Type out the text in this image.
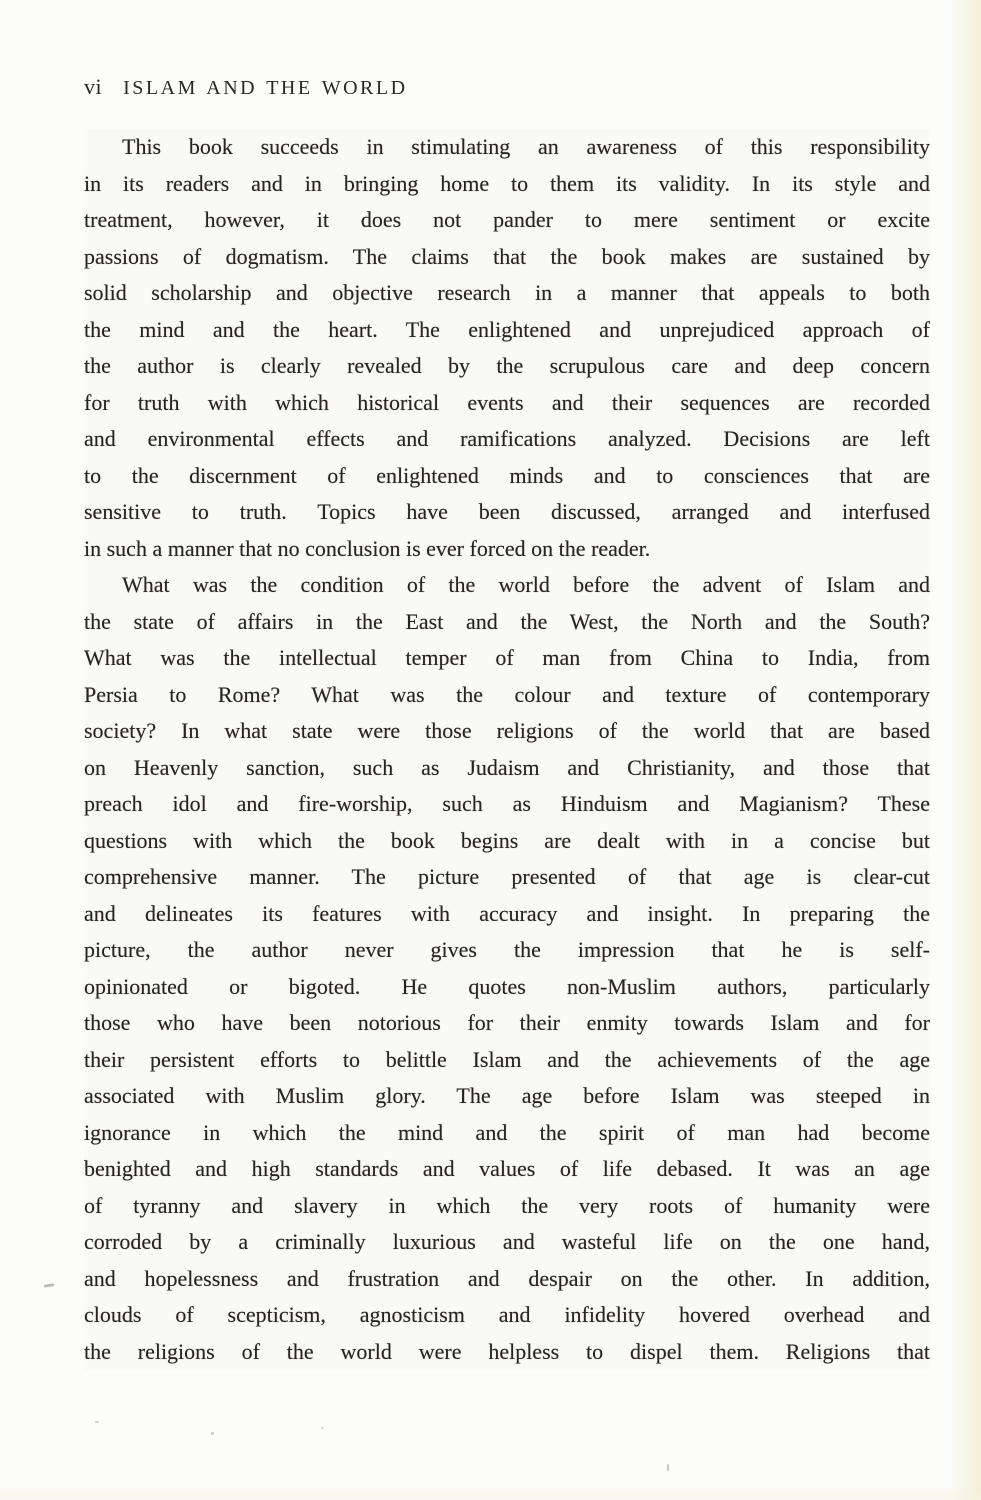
vi ISLAM AND THE WORLD
This book succeeds in stimulating an awareness of this responsibility
in its readers and in bringing home to them its validity. In its style and
treatment, however, it does not pander to mere sentiment or excite
passions of dogmatism. The claims that the book makes are sustained by
solid scholarship and objective research in a manner that appeals to both
the mind and the heart. The enlightened and unprejudiced approach of
the author is clearly revealed by the scrupulous care and deep concern
for truth with which historical events and their sequences are recorded
and environmental effects and ramifications analyzed. Decisions are left
to the discernment of enlightened minds and to consciences that are
sensitive to truth. Topics have been discussed, arranged and interfused
in such a manner that no conclusion is ever forced on the reader.
What was the condition of the world before the advent of Islam and
the state of affairs in the East and the West, the North and the South?
What was the intellectual temper of man from China to India, from
Persia to Rome? What was the colour and texture of contemporary
society? In what state were those religions of the world that are based
on Heavenly sanction, such as Judaism and Christianity, and those that
preach idol and fire-worship, such as Hinduism and Magianism? These
questions with which the book begins are dealt with in a concise but
comprehensive manner. The picture presented of that age is clear-cut
and delineates its features with accuracy and insight. In preparing the
picture, the author never gives the impression that he is self-
opinionated or bigoted. He quotes non-Muslim authors, particularly
those who have been notorious for their enmity towards Islam and for
their persistent efforts to belittle Islam and the achievements of the age
associated with Muslim glory. The age before Islam was steeped in
ignorance in which the mind and the spirit of man had become
benighted and high standards and values of life debased. It was an age
of tyranny and slavery in which the very roots of humanity were
corroded by a criminally luxurious and wasteful life on the one hand,
and hopelessness and frustration and despair on the other. In addition,
clouds of scepticism, agnosticism and infidelity hovered overhead and
the religions of the world were helpless to dispel them. Religions that
